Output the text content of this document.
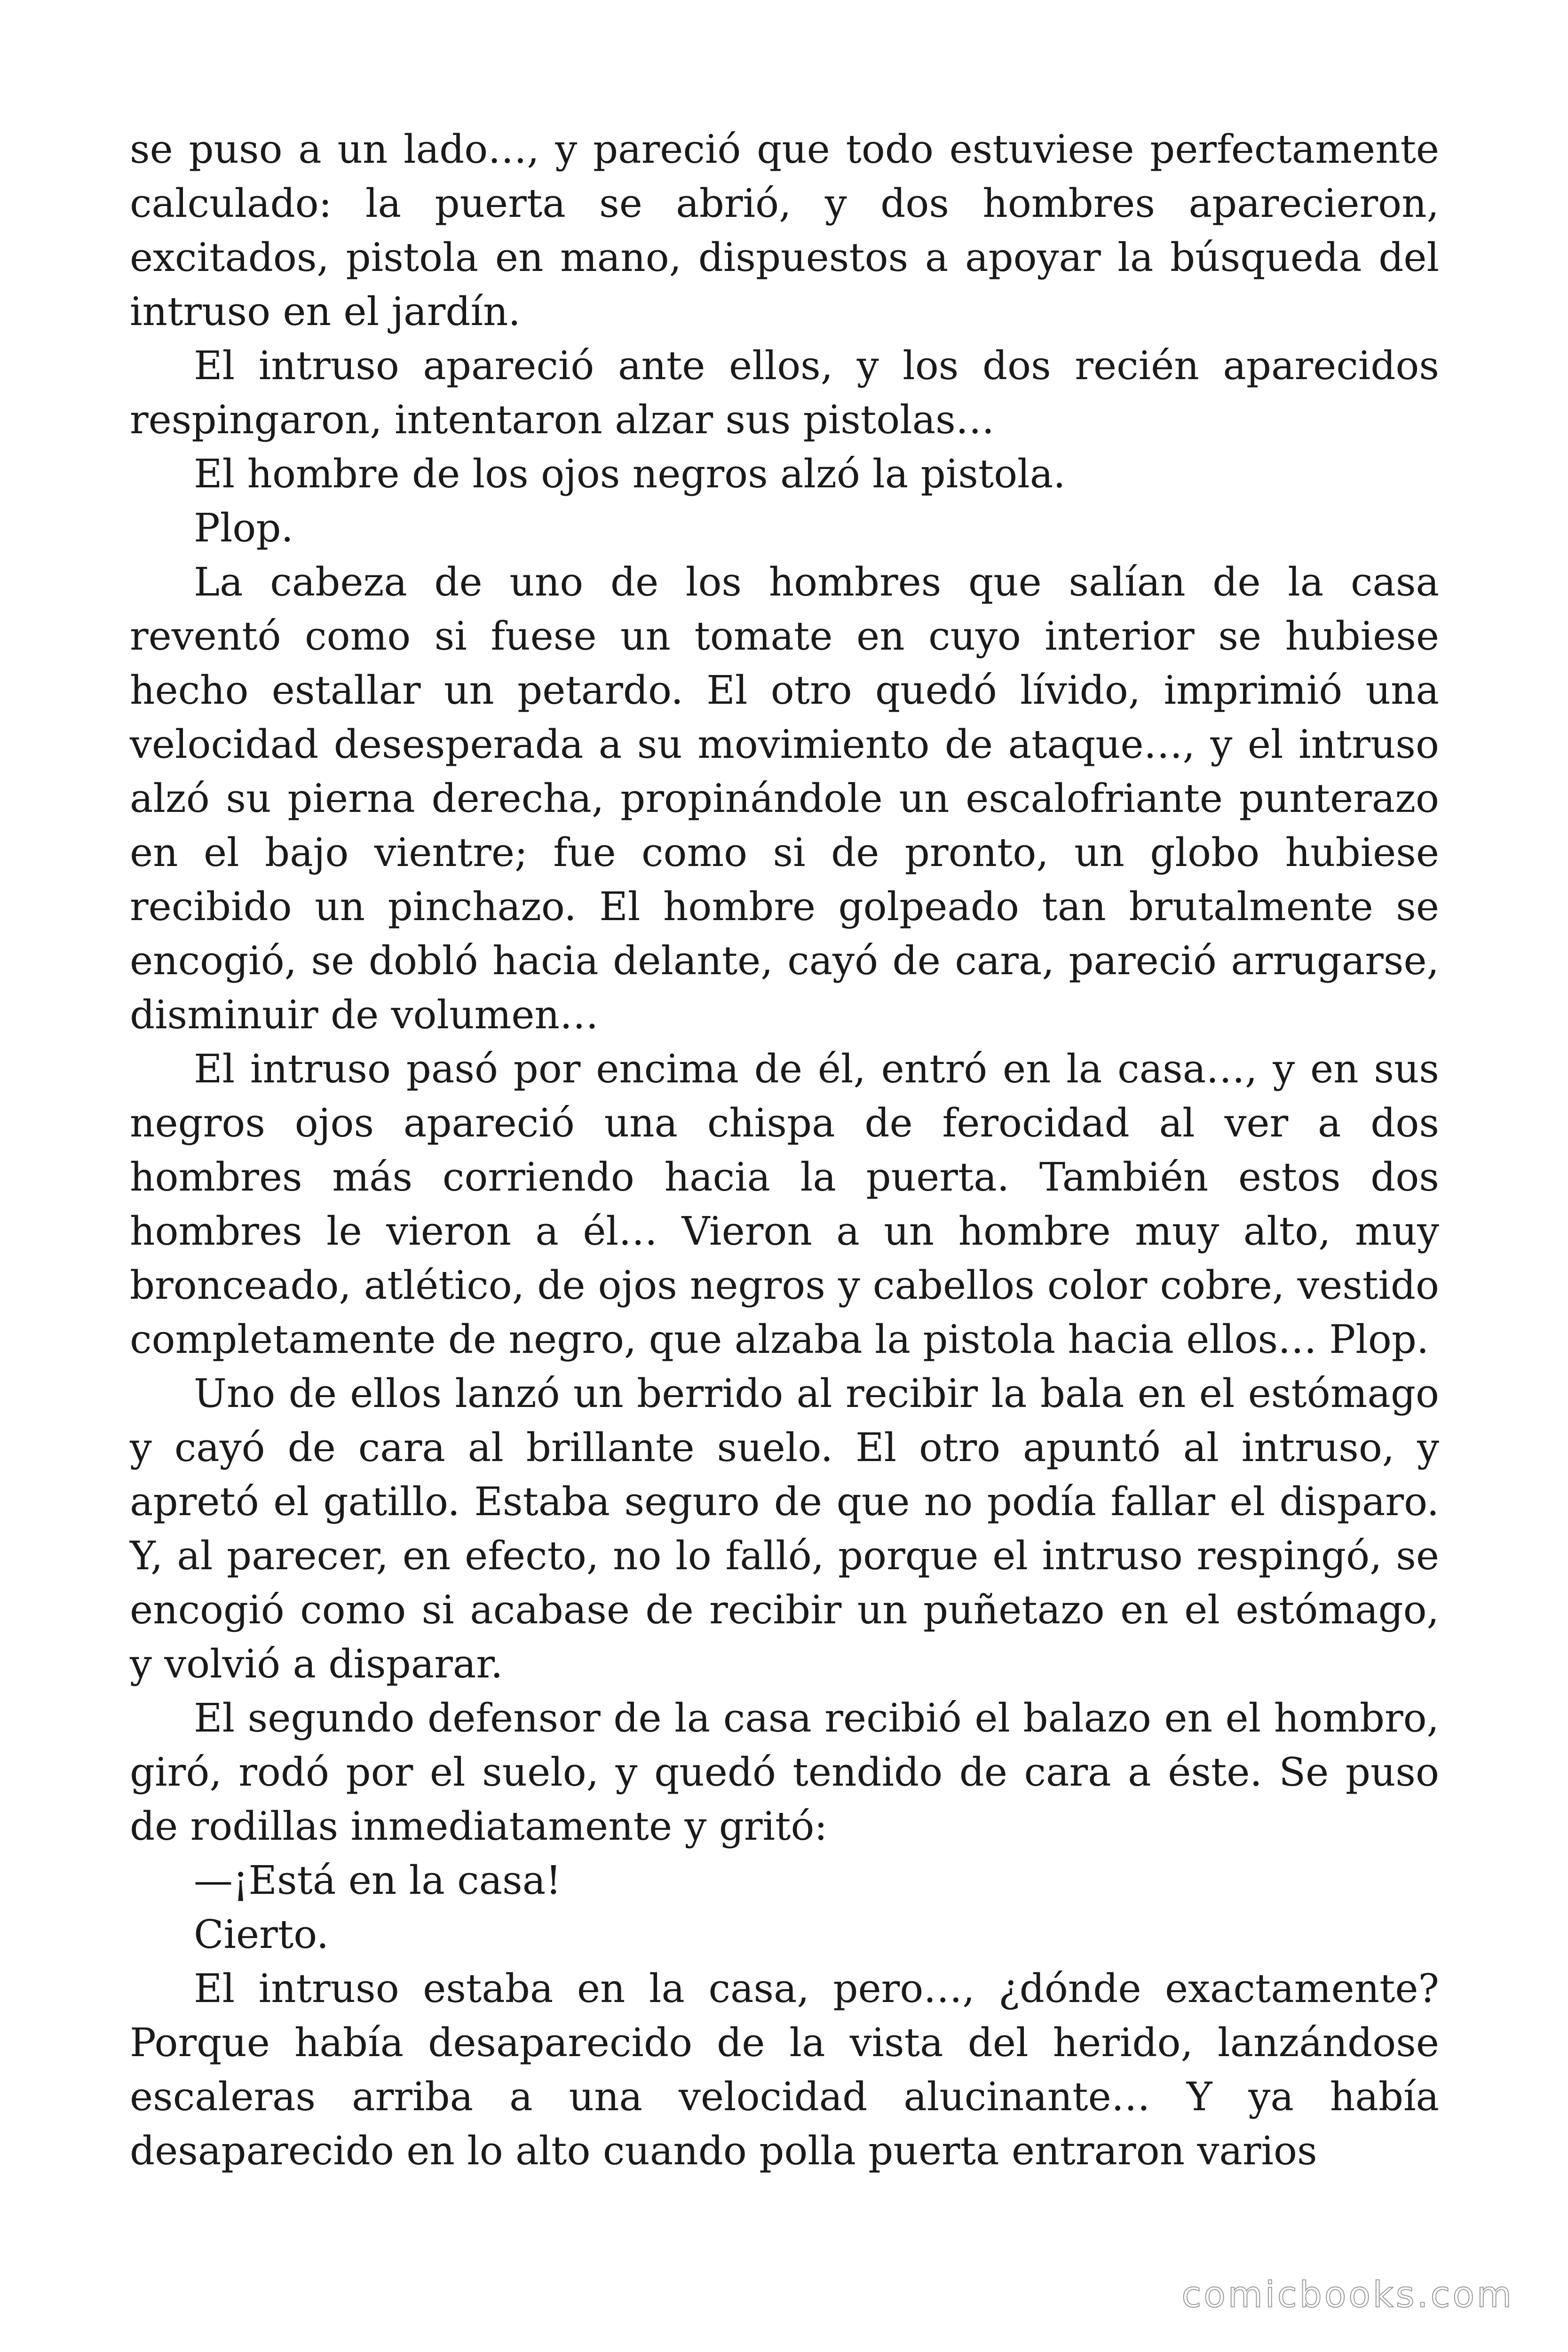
se puso a un lado…, y pareció que todo estuviese perfectamente calculado: la puerta se abrió, y dos hombres aparecieron, excitados, pistola en mano, dispuestos a apoyar la búsqueda del intruso en el jardín.

El intruso apareció ante ellos, y los dos recién aparecidos respingaron, intentaron alzar sus pistolas…

El hombre de los ojos negros alzó la pistola.

Plop.

La cabeza de uno de los hombres que salían de la casa reventó como si fuese un tomate en cuyo interior se hubiese hecho estallar un petardo. El otro quedó lívido, imprimió una velocidad desesperada a su movimiento de ataque…, y el intruso alzó su pierna derecha, propinándole un escalofriante punterazo en el bajo vientre; fue como si de pronto, un globo hubiese recibido un pinchazo. El hombre golpeado tan brutalmente se encogió, se dobló hacia delante, cayó de cara, pareció arrugarse, disminuir de volumen…

El intruso pasó por encima de él, entró en la casa…, y en sus negros ojos apareció una chispa de ferocidad al ver a dos hombres más corriendo hacia la puerta. También estos dos hombres le vieron a él… Vieron a un hombre muy alto, muy bronceado, atlético, de ojos negros y cabellos color cobre, vestido completamente de negro, que alzaba la pistola hacia ellos… Plop.

Uno de ellos lanzó un berrido al recibir la bala en el estómago y cayó de cara al brillante suelo. El otro apuntó al intruso, y apretó el gatillo. Estaba seguro de que no podía fallar el disparo. Y, al parecer, en efecto, no lo falló, porque el intruso respingó, se encogió como si acabase de recibir un puñetazo en el estómago, y volvió a disparar.

El segundo defensor de la casa recibió el balazo en el hombro, giró, rodó por el suelo, y quedó tendido de cara a éste. Se puso de rodillas inmediatamente y gritó:

—¡Está en la casa!

Cierto.

El intruso estaba en la casa, pero…, ¿dónde exactamente? Porque había desaparecido de la vista del herido, lanzándose escaleras arriba a una velocidad alucinante… Y ya había desaparecido en lo alto cuando polla puerta entraron varios

comicbooks.com
